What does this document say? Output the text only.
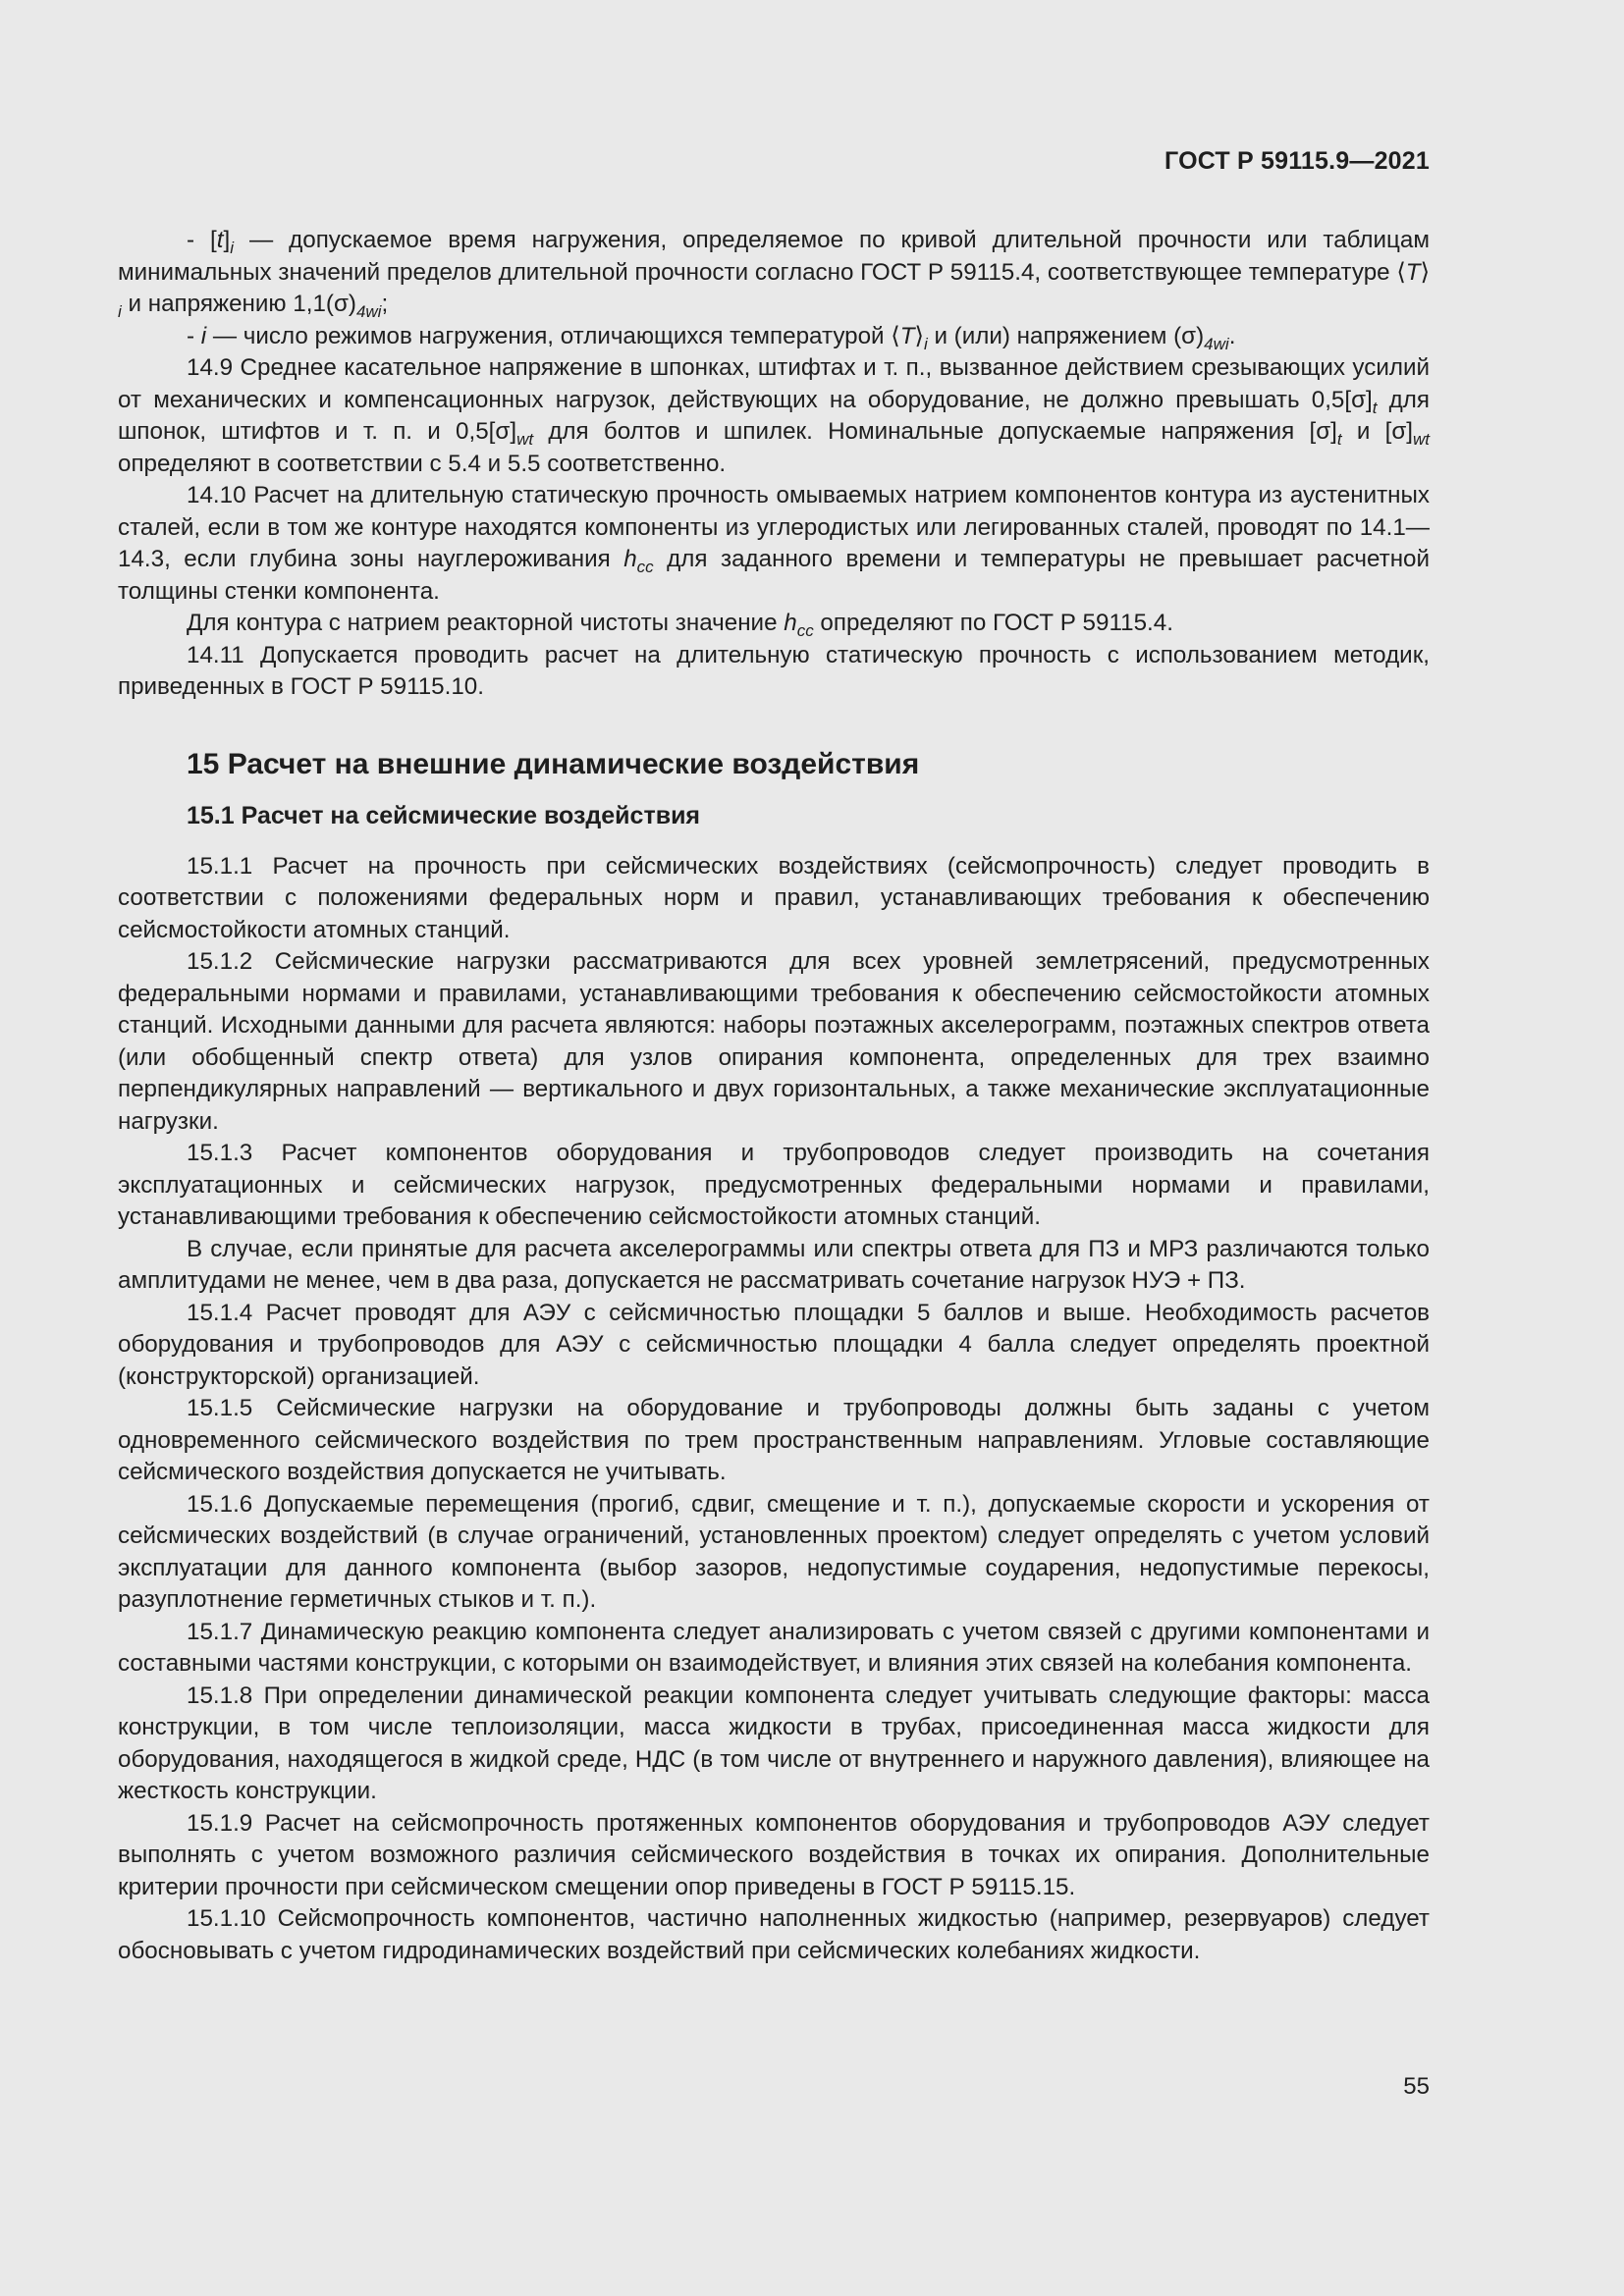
ГОСТ Р 59115.9—2021

- $[t]_i$ — допускаемое время нагружения, определяемое по кривой длительной прочности или таблицам минимальных значений пределов длительной прочности согласно ГОСТ Р 59115.4, соответствующее температуре $⟨T⟩_i$ и напряжению $1,1(\sigma)_{4wi}$;

- i — число режимов нагружения, отличающихся температурой $⟨T⟩_i$ и (или) напряжением $(\sigma)_{4wi}$.

14.9 Среднее касательное напряжение в шпонках, штифтах и т. п., вызванное действием срезывающих усилий от механических и компенсационных нагрузок, действующих на оборудование, не должно превышать $0,5[\sigma]_t$ для шпонок, штифтов и т. п. и $0,5[\sigma]_{wt}$ для болтов и шпилек. Номинальные допускаемые напряжения $[\sigma]_t$ и $[\sigma]_{wt}$ определяют в соответствии с 5.4 и 5.5 соответственно.

14.10 Расчет на длительную статическую прочность омываемых натрием компонентов контура из аустенитных сталей, если в том же контуре находятся компоненты из углеродистых или легированных сталей, проводят по 14.1—14.3, если глубина зоны науглероживания $h_{cc}$ для заданного времени и температуры не превышает расчетной толщины стенки компонента.

Для контура с натрием реакторной чистоты значение $h_{cc}$ определяют по ГОСТ Р 59115.4.

14.11 Допускается проводить расчет на длительную статическую прочность с использованием методик, приведенных в ГОСТ Р 59115.10.

15 Расчет на внешние динамические воздействия
15.1 Расчет на сейсмические воздействия

15.1.1 Расчет на прочность при сейсмических воздействиях (сейсмопрочность) следует проводить в соответствии с положениями федеральных норм и правил, устанавливающих требования к обеспечению сейсмостойкости атомных станций.

15.1.2 Сейсмические нагрузки рассматриваются для всех уровней землетрясений, предусмотренных федеральными нормами и правилами, устанавливающими требования к обеспечению сейсмостойкости атомных станций. Исходными данными для расчета являются: наборы поэтажных акселерограмм, поэтажных спектров ответа (или обобщенный спектр ответа) для узлов опирания компонента, определенных для трех взаимно перпендикулярных направлений — вертикального и двух горизонтальных, а также механические эксплуатационные нагрузки.

15.1.3 Расчет компонентов оборудования и трубопроводов следует производить на сочетания эксплуатационных и сейсмических нагрузок, предусмотренных федеральными нормами и правилами, устанавливающими требования к обеспечению сейсмостойкости атомных станций.

В случае, если принятые для расчета акселерограммы или спектры ответа для ПЗ и МРЗ различаются только амплитудами не менее, чем в два раза, допускается не рассматривать сочетание нагрузок НУЭ + ПЗ.

15.1.4 Расчет проводят для АЭУ с сейсмичностью площадки 5 баллов и выше. Необходимость расчетов оборудования и трубопроводов для АЭУ с сейсмичностью площадки 4 балла следует определять проектной (конструкторской) организацией.

15.1.5 Сейсмические нагрузки на оборудование и трубопроводы должны быть заданы с учетом одновременного сейсмического воздействия по трем пространственным направлениям. Угловые составляющие сейсмического воздействия допускается не учитывать.

15.1.6 Допускаемые перемещения (прогиб, сдвиг, смещение и т. п.), допускаемые скорости и ускорения от сейсмических воздействий (в случае ограничений, установленных проектом) следует определять с учетом условий эксплуатации для данного компонента (выбор зазоров, недопустимые соударения, недопустимые перекосы, разуплотнение герметичных стыков и т. п.).

15.1.7 Динамическую реакцию компонента следует анализировать с учетом связей с другими компонентами и составными частями конструкции, с которыми он взаимодействует, и влияния этих связей на колебания компонента.

15.1.8 При определении динамической реакции компонента следует учитывать следующие факторы: масса конструкции, в том числе теплоизоляции, масса жидкости в трубах, присоединенная масса жидкости для оборудования, находящегося в жидкой среде, НДС (в том числе от внутреннего и наружного давления), влияющее на жесткость конструкции.

15.1.9 Расчет на сейсмопрочность протяженных компонентов оборудования и трубопроводов АЭУ следует выполнять с учетом возможного различия сейсмического воздействия в точках их опирания. Дополнительные критерии прочности при сейсмическом смещении опор приведены в ГОСТ Р 59115.15.

15.1.10 Сейсмопрочность компонентов, частично наполненных жидкостью (например, резервуаров) следует обосновывать с учетом гидродинамических воздействий при сейсмических колебаниях жидкости.

55
